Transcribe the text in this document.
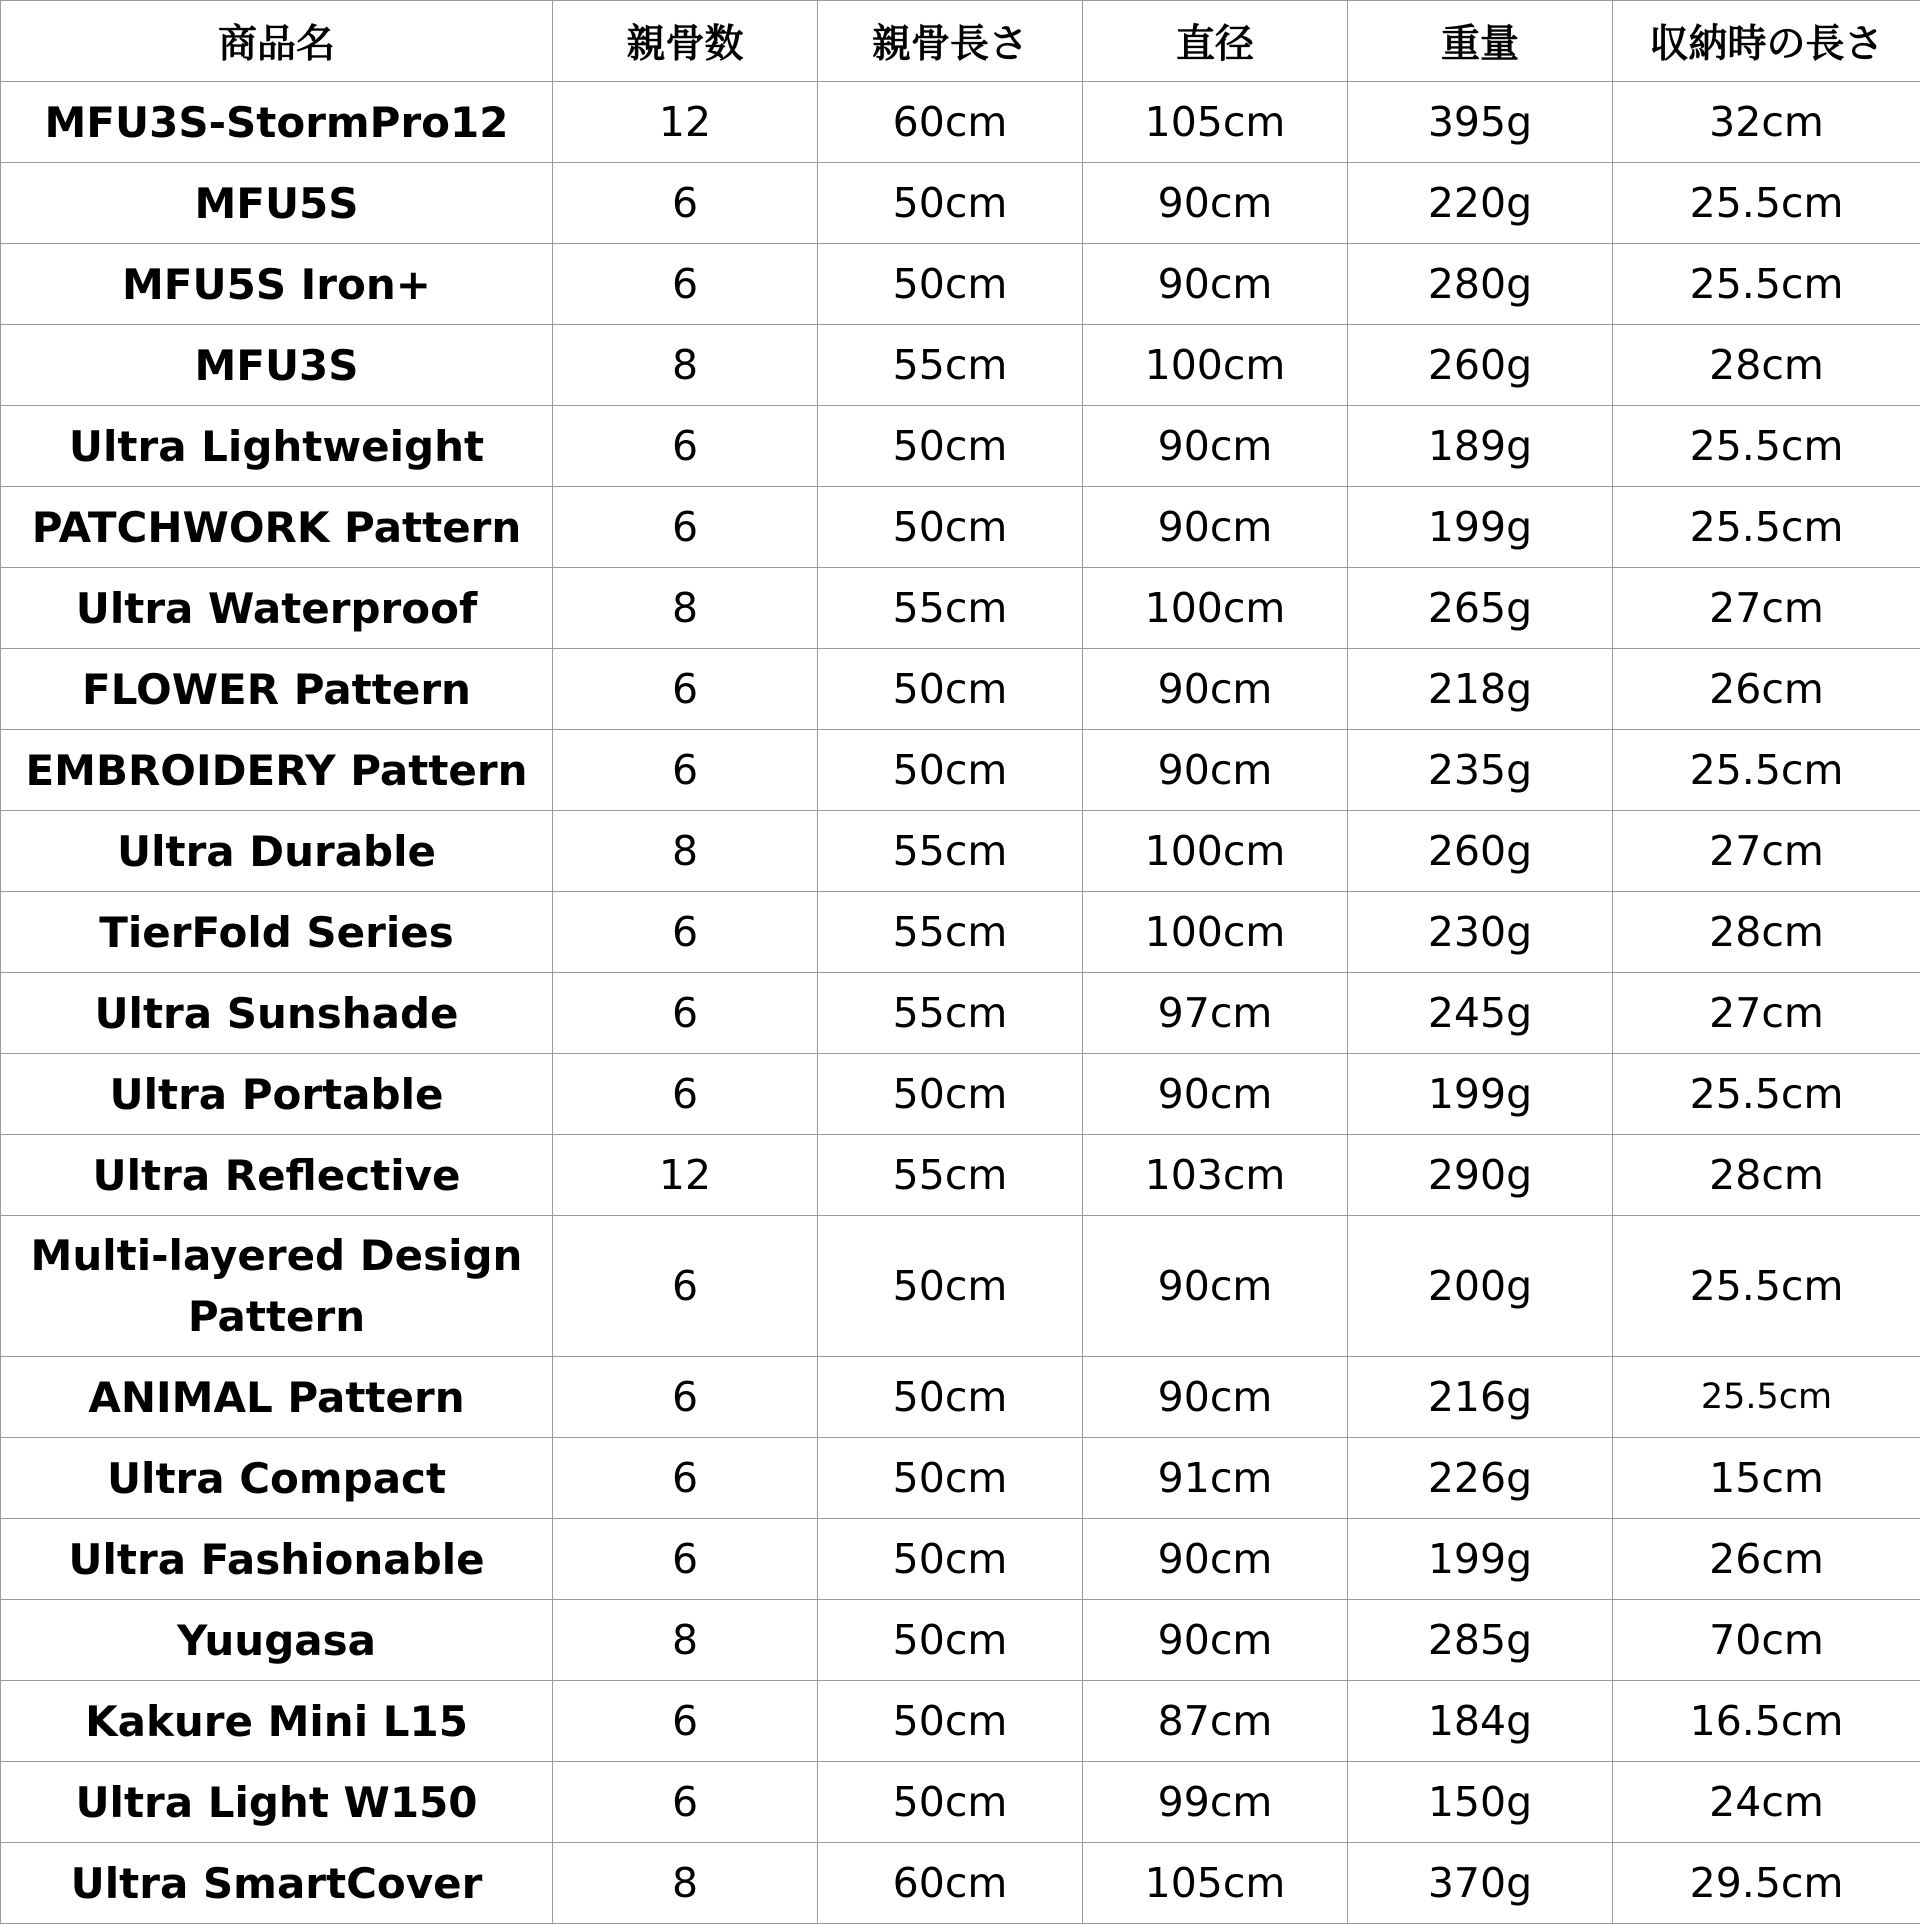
商品名	親骨数	親骨長さ	直径	重量	収納時の長さ
MFU3S-StormPro12	12	60cm	105cm	395g	32cm
MFU5S	6	50cm	90cm	220g	25.5cm
MFU5S Iron+	6	50cm	90cm	280g	25.5cm
MFU3S	8	55cm	100cm	260g	28cm
Ultra Lightweight	6	50cm	90cm	189g	25.5cm
PATCHWORK Pattern	6	50cm	90cm	199g	25.5cm
Ultra Waterproof	8	55cm	100cm	265g	27cm
FLOWER Pattern	6	50cm	90cm	218g	26cm
EMBROIDERY Pattern	6	50cm	90cm	235g	25.5cm
Ultra Durable	8	55cm	100cm	260g	27cm
TierFold Series	6	55cm	100cm	230g	28cm
Ultra Sunshade	6	55cm	97cm	245g	27cm
Ultra Portable	6	50cm	90cm	199g	25.5cm
Ultra Reflective	12	55cm	103cm	290g	28cm
Multi-layered Design Pattern	6	50cm	90cm	200g	25.5cm
ANIMAL Pattern	6	50cm	90cm	216g	25.5cm
Ultra Compact	6	50cm	91cm	226g	15cm
Ultra Fashionable	6	50cm	90cm	199g	26cm
Yuugasa	8	50cm	90cm	285g	70cm
Kakure Mini L15	6	50cm	87cm	184g	16.5cm
Ultra Light W150	6	50cm	99cm	150g	24cm
Ultra SmartCover	8	60cm	105cm	370g	29.5cm
